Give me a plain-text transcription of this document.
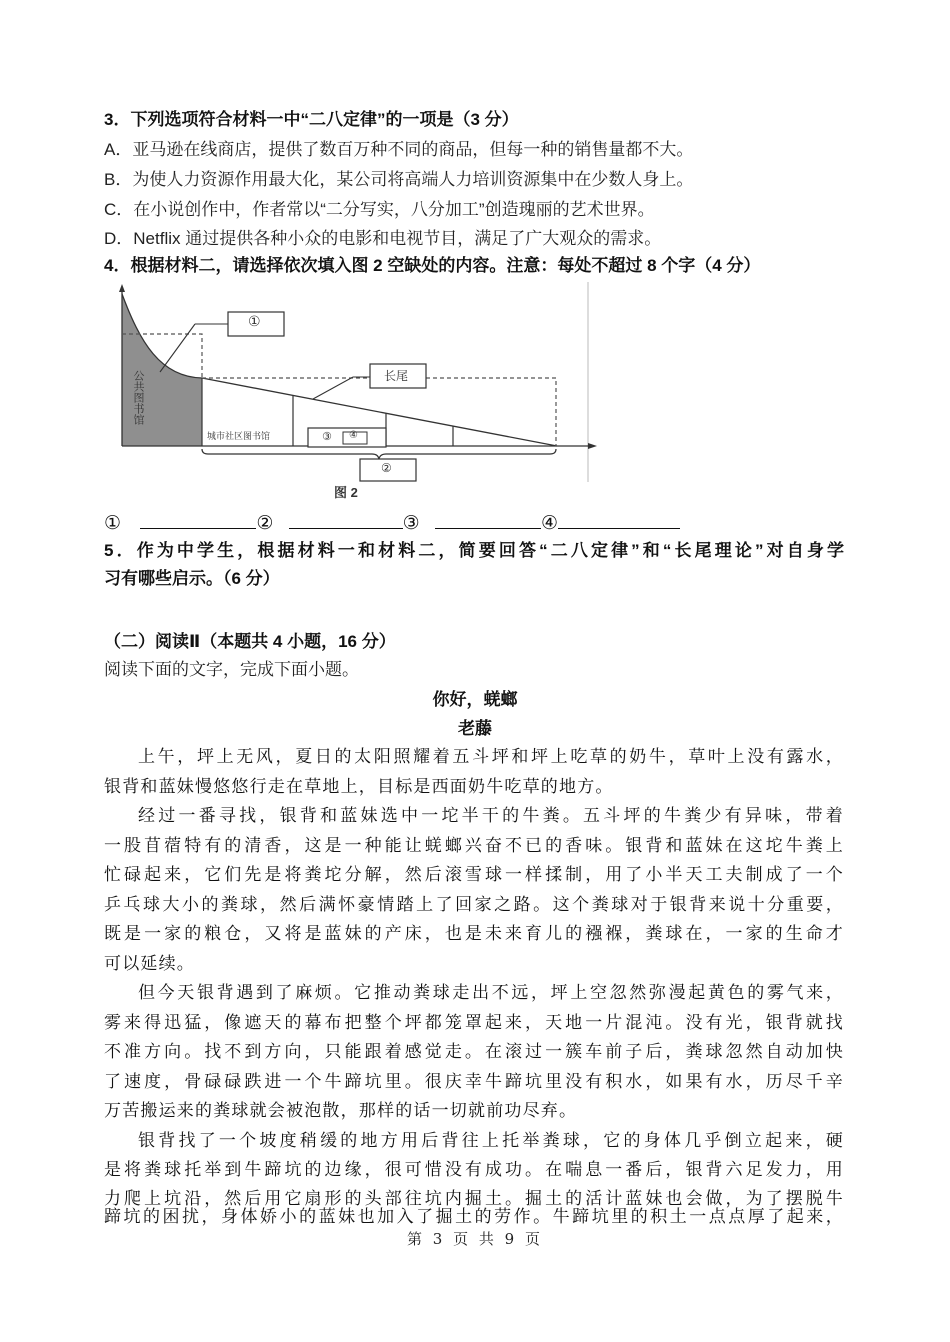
3．下列选项符合材料一中“二八定律”的一项是（3 分）
A．亚马逊在线商店，提供了数百万种不同的商品，但每一种的销售量都不大。
B．为使人力资源作用最大化，某公司将高端人力培训资源集中在少数人身上。
C．在小说创作中，作者常以“二分写实，八分加工”创造瑰丽的艺术世界。
D．Netflix 通过提供各种小众的电影和电视节目，满足了广大观众的需求。
4．根据材料二，请选择依次填入图 2 空缺处的内容。注意：每处不超过 8 个字（4 分）
①
长尾
公共图书馆
城市社区图书馆	③ ④
②
图 2
①	②	③	④
5．作为中学生，根据材料一和材料二，简要回答“二八定律”和“长尾理论”对自身学
习有哪些启示。（6 分）
（二）阅读Ⅱ（本题共 4 小题，16 分）
阅读下面的文字，完成下面小题。
你好，蜣螂
老藤
上午，坪上无风，夏日的太阳照耀着五斗坪和坪上吃草的奶牛，草叶上没有露水，
银背和蓝妹慢悠悠行走在草地上，目标是西面奶牛吃草的地方。
经过一番寻找，银背和蓝妹选中一坨半干的牛粪。五斗坪的牛粪少有异味，带着
一股苜蓿特有的清香，这是一种能让蜣螂兴奋不已的香味。银背和蓝妹在这坨牛粪上
忙碌起来，它们先是将粪坨分解，然后滚雪球一样揉制，用了小半天工夫制成了一个
乒乓球大小的粪球，然后满怀豪情踏上了回家之路。这个粪球对于银背来说十分重要，
既是一家的粮仓，又将是蓝妹的产床，也是未来育儿的襁褓，粪球在，一家的生命才
可以延续。
但今天银背遇到了麻烦。它推动粪球走出不远，坪上空忽然弥漫起黄色的雾气来，
雾来得迅猛，像遮天的幕布把整个坪都笼罩起来，天地一片混沌。没有光，银背就找
不准方向。找不到方向，只能跟着感觉走。在滚过一簇车前子后，粪球忽然自动加快
了速度，骨碌碌跌进一个牛蹄坑里。很庆幸牛蹄坑里没有积水，如果有水，历尽千辛
万苦搬运来的粪球就会被泡散，那样的话一切就前功尽弃。
银背找了一个坡度稍缓的地方用后背往上托举粪球，它的身体几乎倒立起来，硬
是将粪球托举到牛蹄坑的边缘，很可惜没有成功。在喘息一番后，银背六足发力，用
力爬上坑沿，然后用它扇形的头部往坑内掘土。掘土的活计蓝妹也会做，为了摆脱牛
蹄坑的困扰，身体娇小的蓝妹也加入了掘土的劳作。牛蹄坑里的积土一点点厚了起来，
第 3 页 共 9 页
